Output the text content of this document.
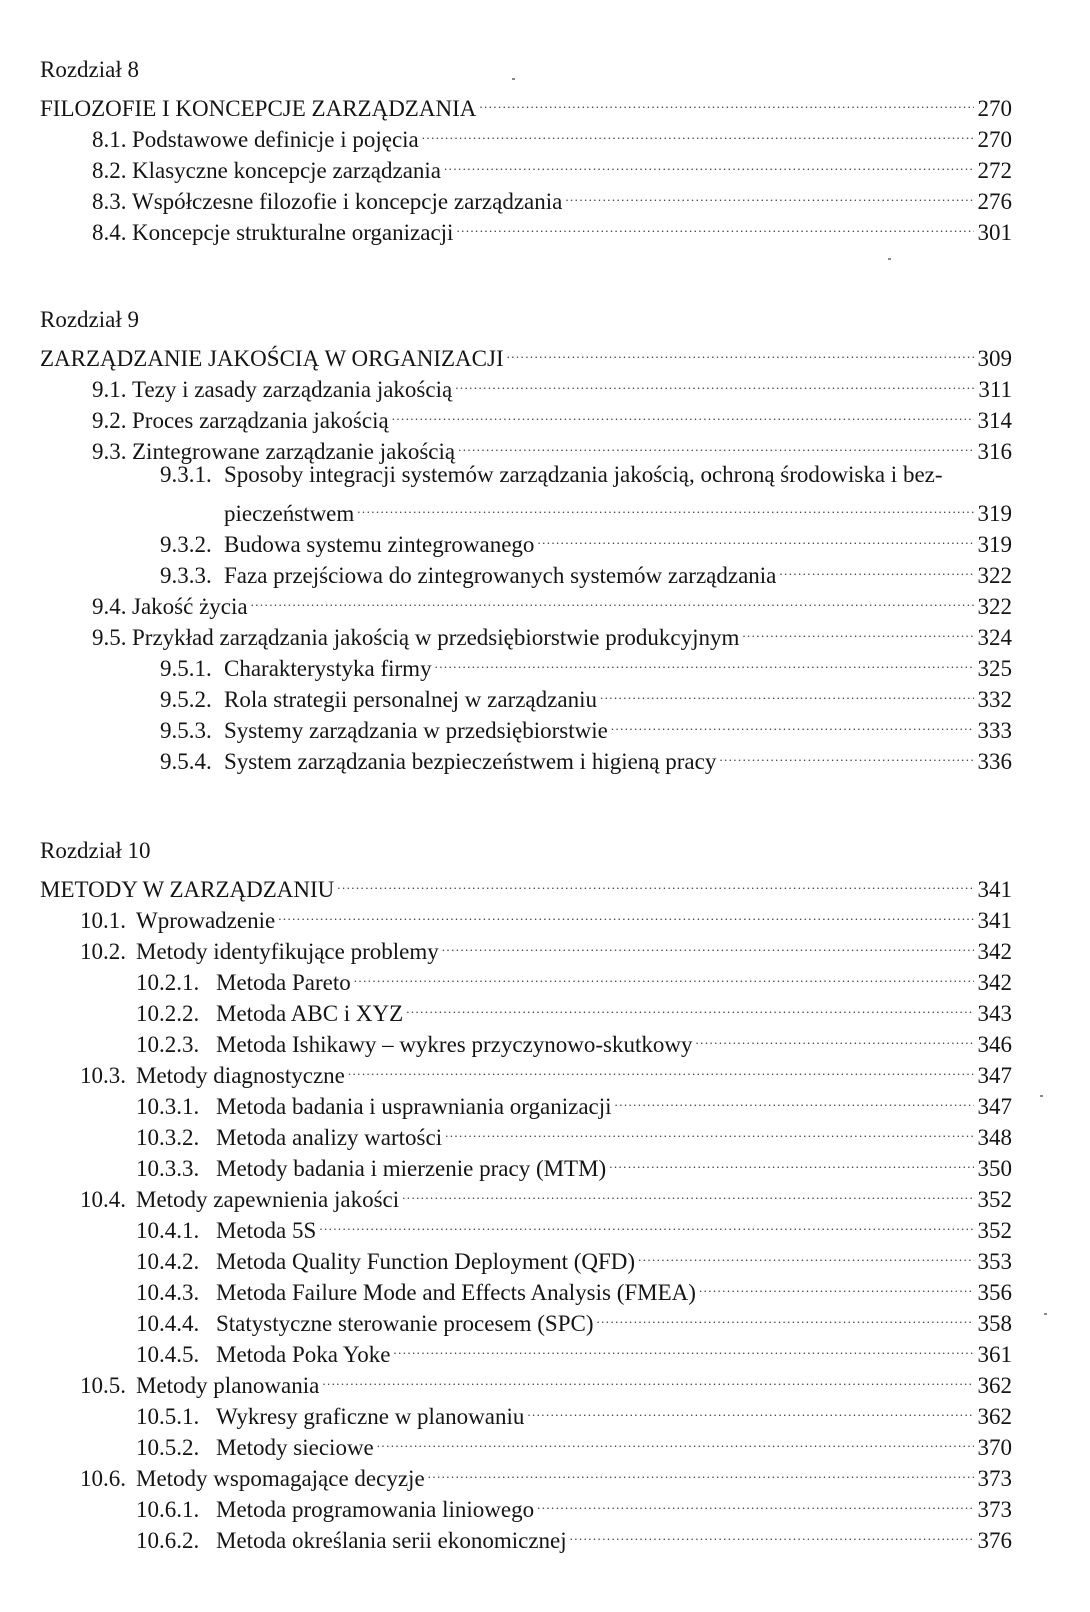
Rozdział 8
FILOZOFIE I KONCEPCJE ZARZĄDZANIA .....	270
8.1. Podstawowe definicje i pojęcia .....	270
8.2. Klasyczne koncepcje zarządzania .....	272
8.3. Współczesne filozofie i koncepcje zarządzania .....	276
8.4. Koncepcje strukturalne organizacji .....	301
Rozdział 9
ZARZĄDZANIE JAKOŚCIĄ W ORGANIZACJI .....	309
9.1. Tezy i zasady zarządzania jakością .....	311
9.2. Proces zarządzania jakością .....	314
9.3. Zintegrowane zarządzanie jakością .....	316
9.3.1. Sposoby integracji systemów zarządzania jakością, ochroną środowiska i bez-
pieczeństwem .....	319
9.3.2. Budowa systemu zintegrowanego .....	319
9.3.3. Faza przejściowa do zintegrowanych systemów zarządzania .....	322
9.4. Jakość życia .....	322
9.5. Przykład zarządzania jakością w przedsiębiorstwie produkcyjnym .....	324
9.5.1. Charakterystyka firmy .....	325
9.5.2. Rola strategii personalnej w zarządzaniu .....	332
9.5.3. Systemy zarządzania w przedsiębiorstwie .....	333
9.5.4. System zarządzania bezpieczeństwem i higieną pracy .....	336
Rozdział 10
METODY W ZARZĄDZANIU .....	341
10.1. Wprowadzenie .....	341
10.2. Metody identyfikujące problemy .....	342
10.2.1. Metoda Pareto .....	342
10.2.2. Metoda ABC i XYZ .....	343
10.2.3. Metoda Ishikawy – wykres przyczynowo-skutkowy .....	346
10.3. Metody diagnostyczne .....	347
10.3.1. Metoda badania i usprawniania organizacji .....	347
10.3.2. Metoda analizy wartości .....	348
10.3.3. Metody badania i mierzenie pracy (MTM) .....	350
10.4. Metody zapewnienia jakości .....	352
10.4.1. Metoda 5S .....	352
10.4.2. Metoda Quality Function Deployment (QFD) .....	353
10.4.3. Metoda Failure Mode and Effects Analysis (FMEA) .....	356
10.4.4. Statystyczne sterowanie procesem (SPC) .....	358
10.4.5. Metoda Poka Yoke .....	361
10.5. Metody planowania .....	362
10.5.1. Wykresy graficzne w planowaniu .....	362
10.5.2. Metody sieciowe .....	370
10.6. Metody wspomagające decyzje .....	373
10.6.1. Metoda programowania liniowego .....	373
10.6.2. Metoda określania serii ekonomicznej .....	376
